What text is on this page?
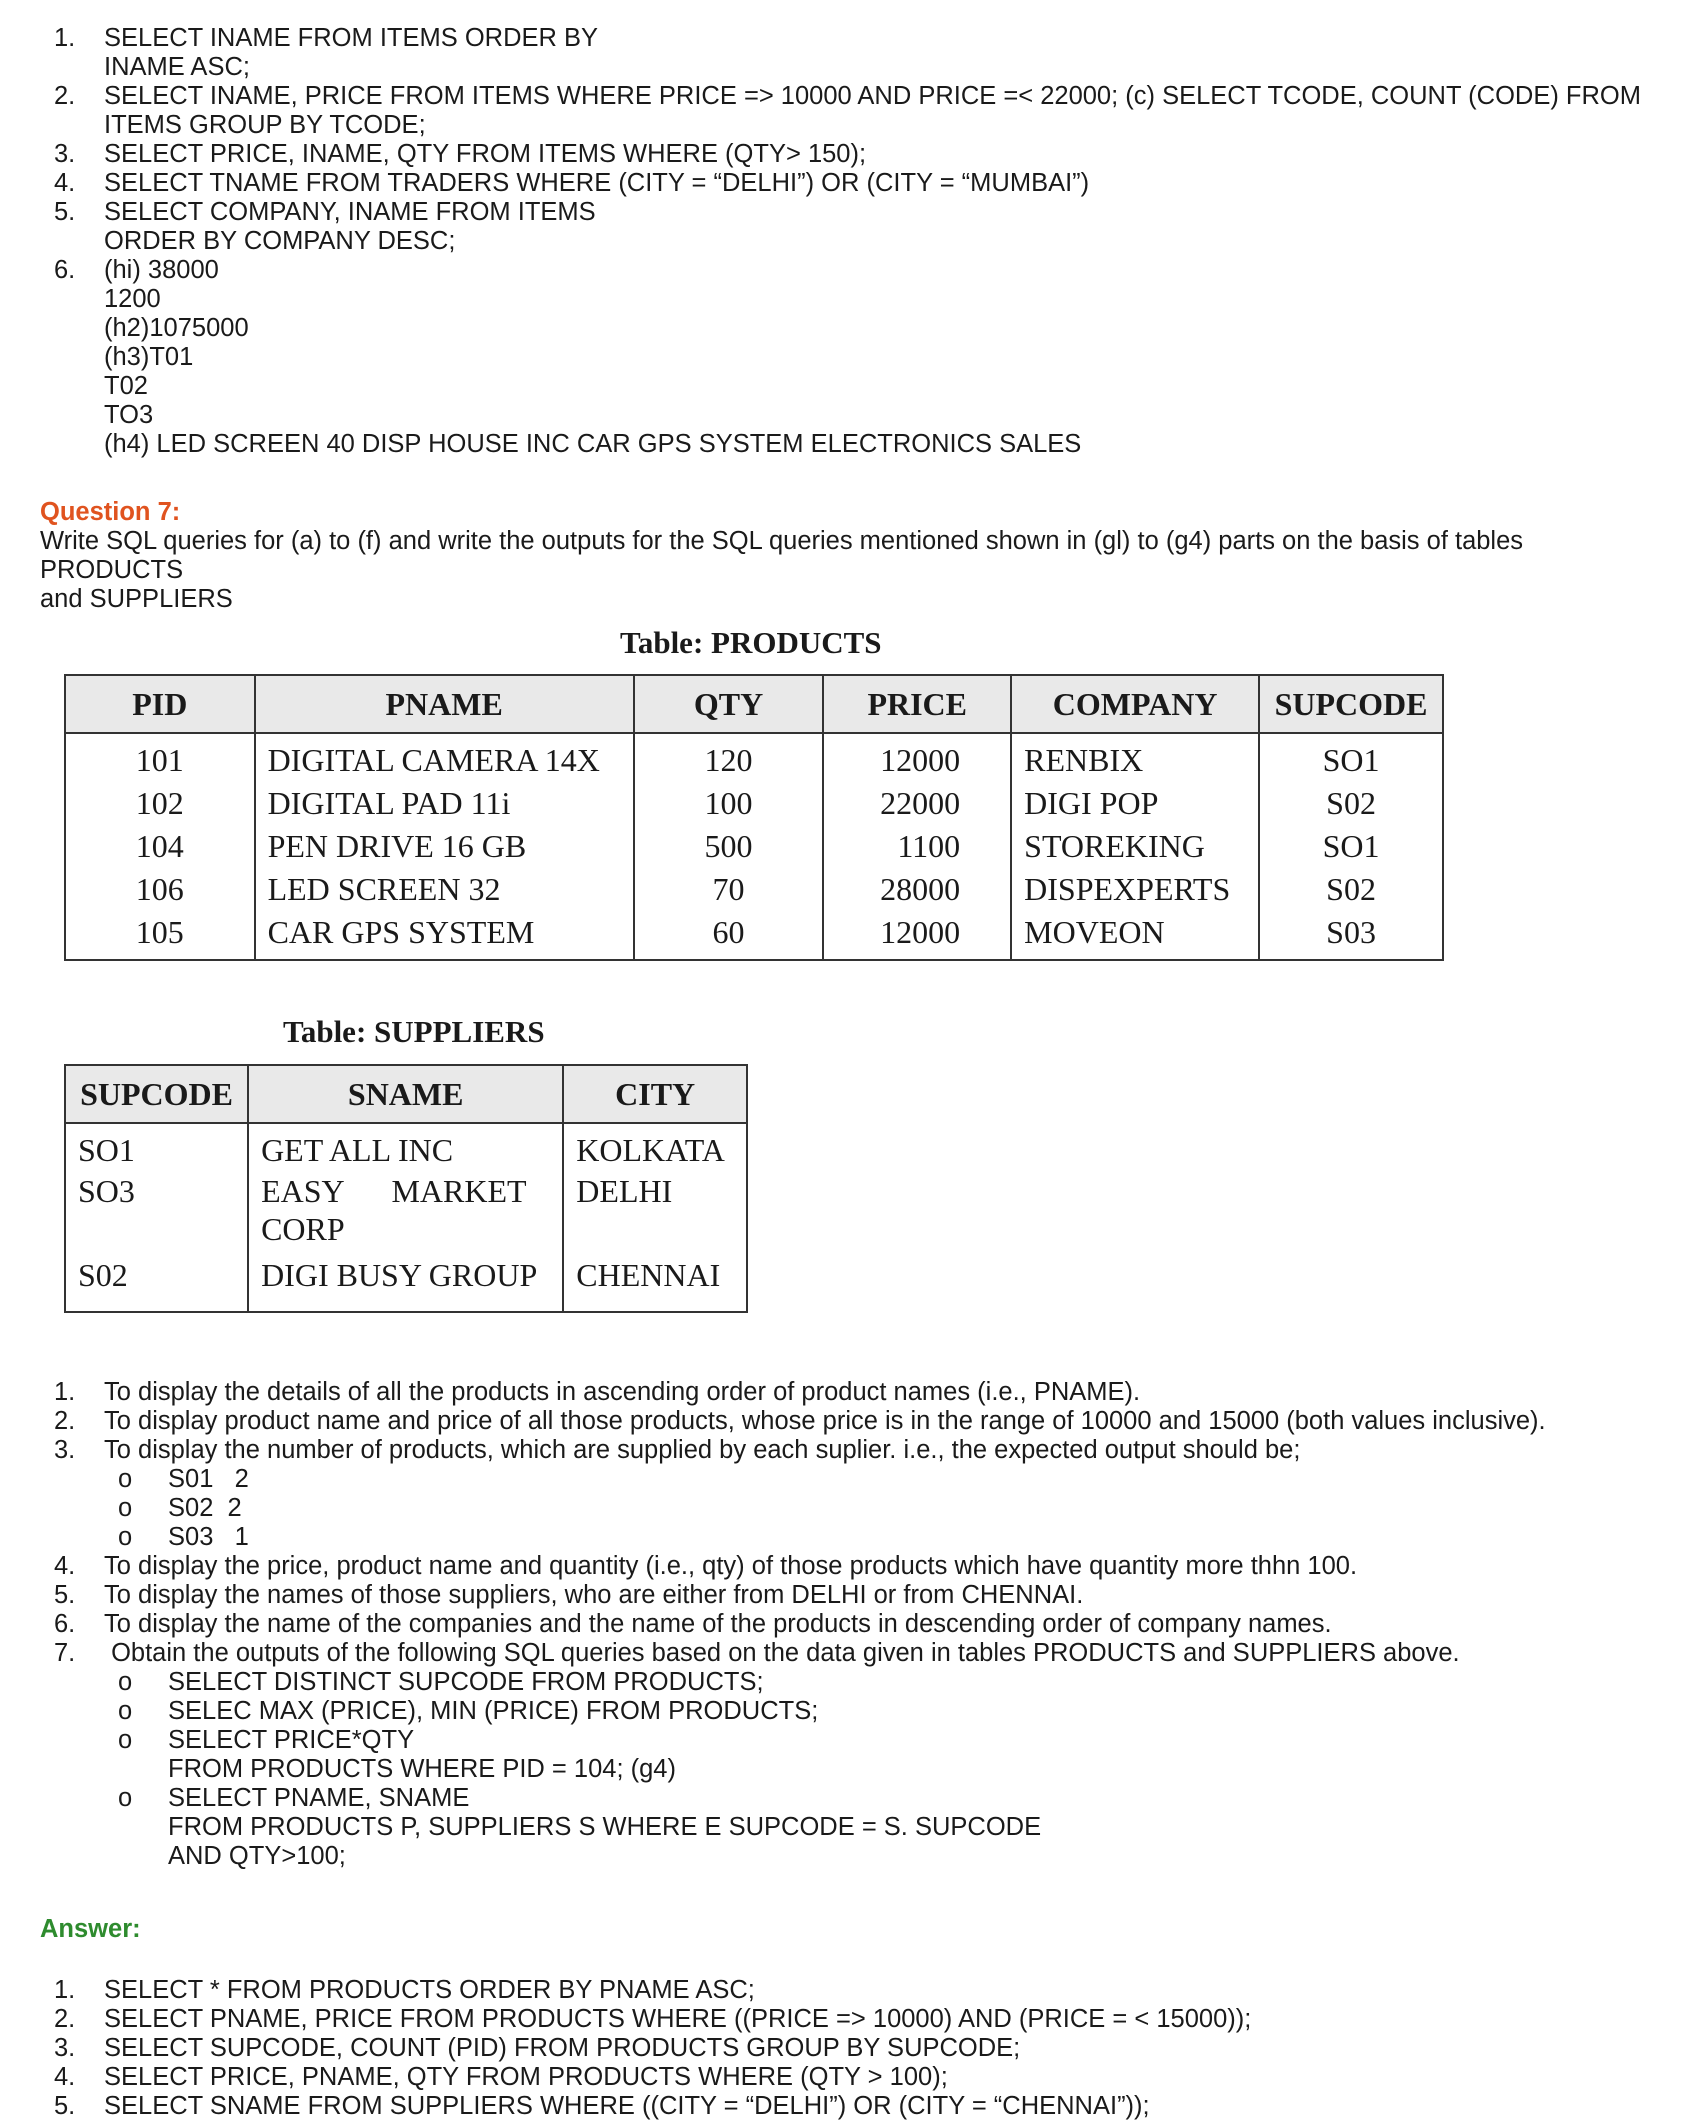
1. SELECT INAME FROM ITEMS ORDER BY
INAME ASC;
2. SELECT INAME, PRICE FROM ITEMS WHERE PRICE => 10000 AND PRICE =< 22000; (c) SELECT TCODE, COUNT (CODE) FROM
ITEMS GROUP BY TCODE;
3. SELECT PRICE, INAME, QTY FROM ITEMS WHERE (QTY> 150);
4. SELECT TNAME FROM TRADERS WHERE (CITY = “DELHI”) OR (CITY = “MUMBAI”)
5. SELECT COMPANY, INAME FROM ITEMS
ORDER BY COMPANY DESC;
6. (hi) 38000
1200
(h2)1075000
(h3)T01
T02
TO3
(h4) LED SCREEN 40 DISP HOUSE INC CAR GPS SYSTEM ELECTRONICS SALES
Question 7:
Write SQL queries for (a) to (f) and write the outputs for the SQL queries mentioned shown in (gl) to (g4) parts on the basis of tables PRODUCTS
and SUPPLIERS
Table: PRODUCTS
PID	PNAME	QTY	PRICE	COMPANY	SUPCODE
101	DIGITAL CAMERA 14X	120	12000	RENBIX	SO1
102	DIGITAL PAD 11i	100	22000	DIGI POP	S02
104	PEN DRIVE 16 GB	500	1100	STOREKING	SO1
106	LED SCREEN 32	70	28000	DISPEXPERTS	S02
105	CAR GPS SYSTEM	60	12000	MOVEON	S03
Table: SUPPLIERS
SUPCODE	SNAME	CITY
SO1	GET ALL INC	KOLKATA
SO3	EASY      MARKET	DELHI
	CORP	
S02	DIGI BUSY GROUP	CHENNAI
1. To display the details of all the products in ascending order of product names (i.e., PNAME).
2. To display product name and price of all those products, whose price is in the range of 10000 and 15000 (both values inclusive).
3. To display the number of products, which are supplied by each suplier. i.e., the expected output should be;
o S01 2
o S02 2
o S03 1
4. To display the price, product name and quantity (i.e., qty) of those products which have quantity more thhn 100.
5. To display the names of those suppliers, who are either from DELHI or from CHENNAI.
6. To display the name of the companies and the name of the products in descending order of company names.
7. Obtain the outputs of the following SQL queries based on the data given in tables PRODUCTS and SUPPLIERS above.
o SELECT DISTINCT SUPCODE FROM PRODUCTS;
o SELEC MAX (PRICE), MIN (PRICE) FROM PRODUCTS;
o SELECT PRICE*QTY
FROM PRODUCTS WHERE PID = 104; (g4)
o SELECT PNAME, SNAME
FROM PRODUCTS P, SUPPLIERS S WHERE E SUPCODE = S. SUPCODE
AND QTY>100;
Answer:
1. SELECT * FROM PRODUCTS ORDER BY PNAME ASC;
2. SELECT PNAME, PRICE FROM PRODUCTS WHERE ((PRICE => 10000) AND (PRICE = < 15000));
3. SELECT SUPCODE, COUNT (PID) FROM PRODUCTS GROUP BY SUPCODE;
4. SELECT PRICE, PNAME, QTY FROM PRODUCTS WHERE (QTY > 100);
5. SELECT SNAME FROM SUPPLIERS WHERE ((CITY = “DELHI”) OR (CITY = “CHENNAI”));
